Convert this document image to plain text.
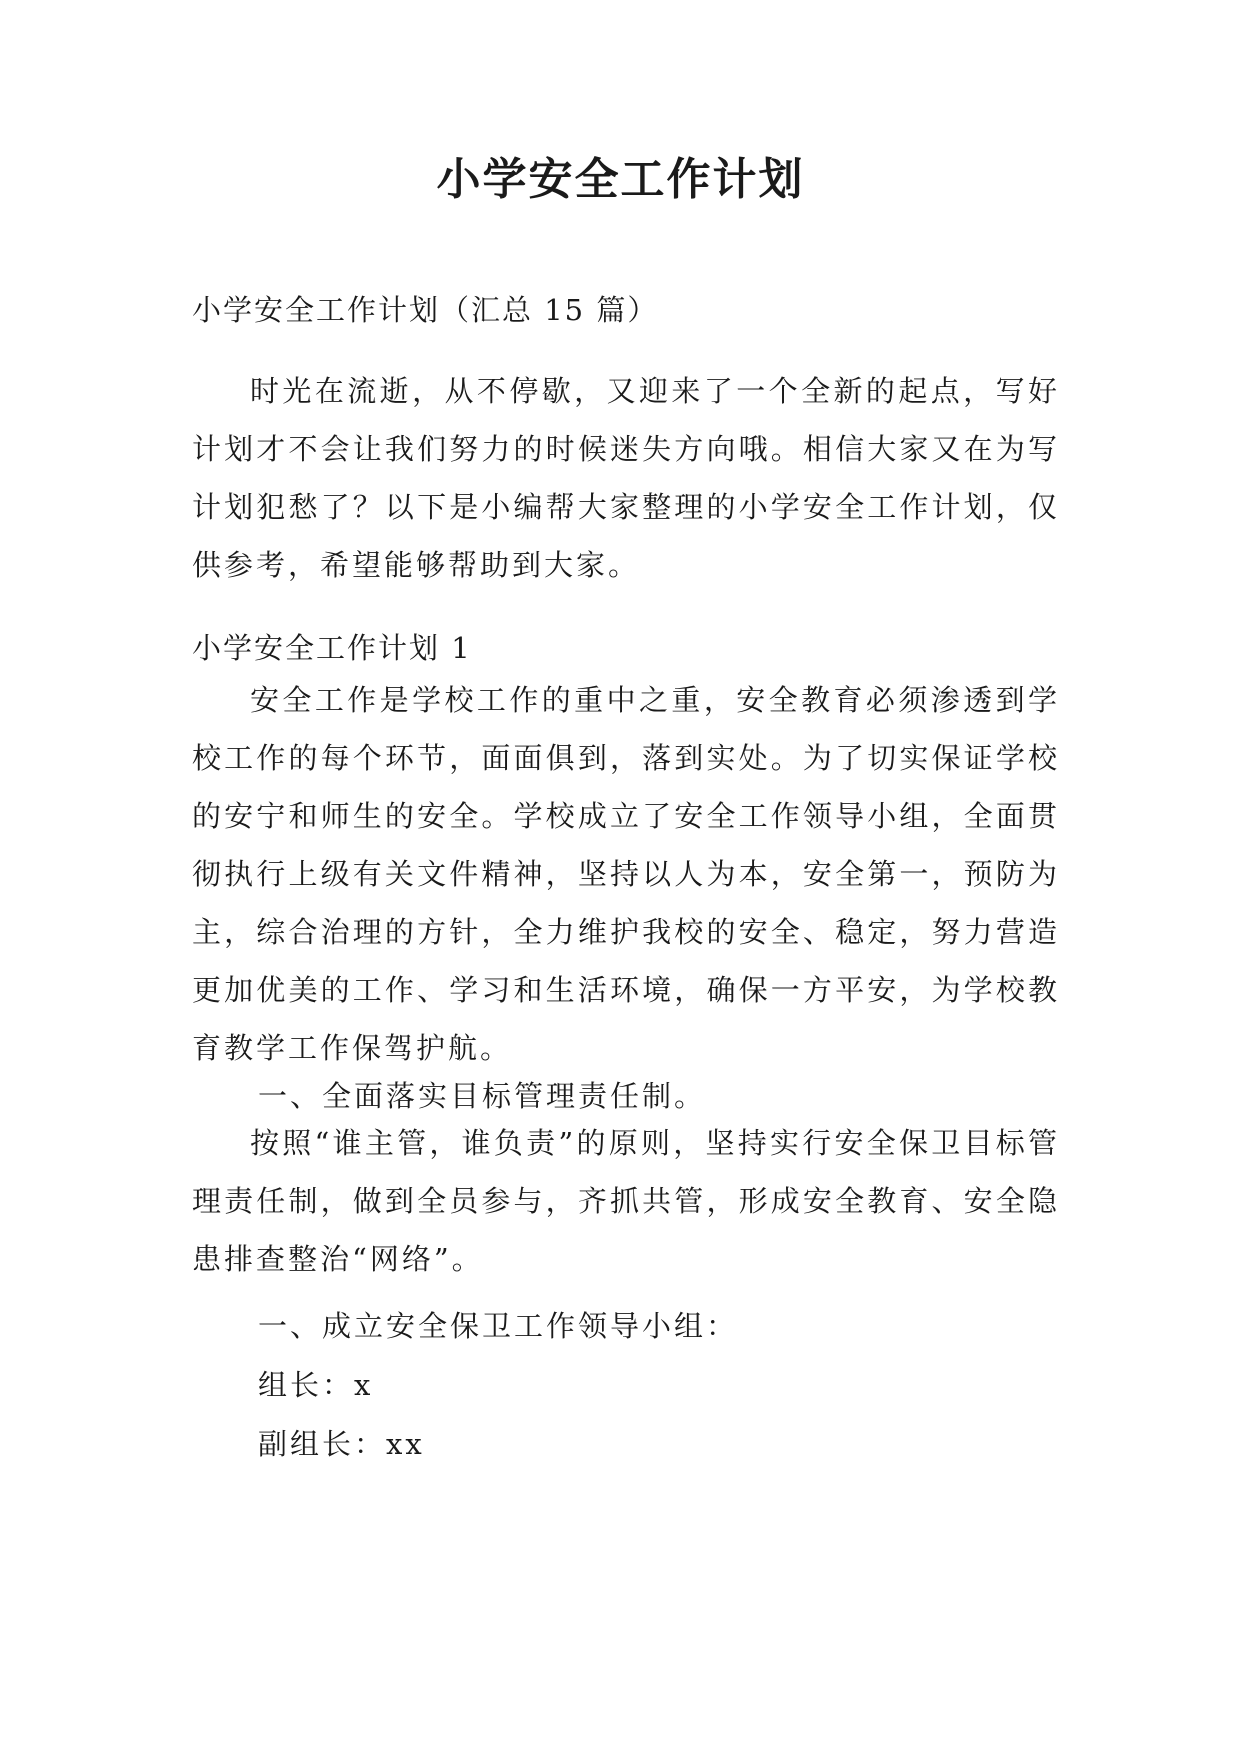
小学安全工作计划

小学安全工作计划（汇总 15 篇）

时光在流逝，从不停歇，又迎来了一个全新的起点，写好计划才不会让我们努力的时候迷失方向哦。相信大家又在为写计划犯愁了？以下是小编帮大家整理的小学安全工作计划，仅供参考，希望能够帮助到大家。

小学安全工作计划 1

安全工作是学校工作的重中之重，安全教育必须渗透到学校工作的每个环节，面面俱到，落到实处。为了切实保证学校的安宁和师生的安全。学校成立了安全工作领导小组，全面贯彻执行上级有关文件精神，坚持以人为本，安全第一，预防为主，综合治理的方针，全力维护我校的安全、稳定，努力营造更加优美的工作、学习和生活环境，确保一方平安，为学校教育教学工作保驾护航。

一、全面落实目标管理责任制。

按照“谁主管，谁负责”的原则，坚持实行安全保卫目标管理责任制，做到全员参与，齐抓共管，形成安全教育、安全隐患排查整治“网络”。

一、成立安全保卫工作领导小组：

组长：x

副组长：xx
